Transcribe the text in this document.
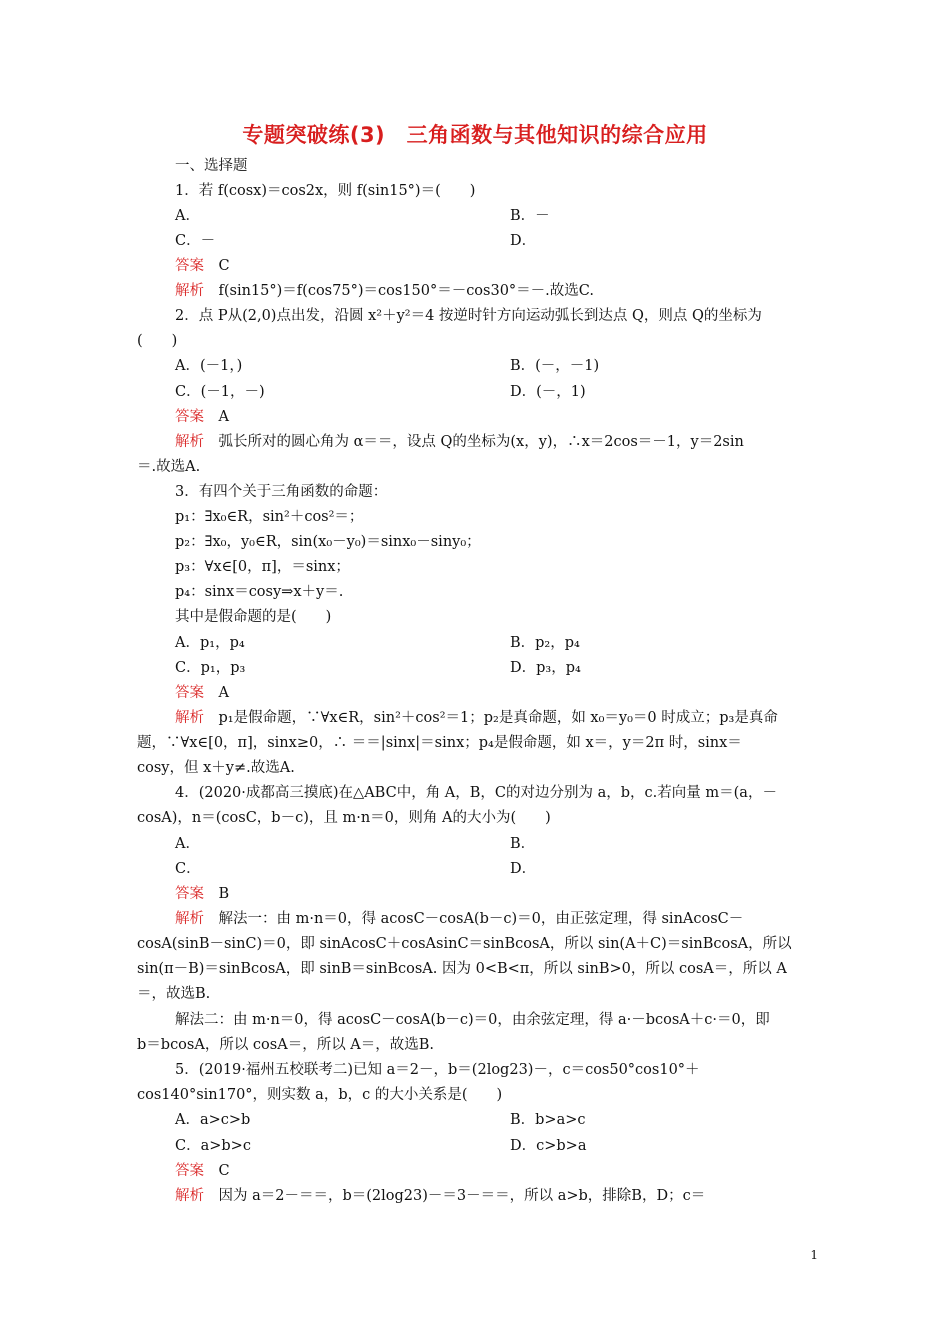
专题突破练(3)　三角函数与其他知识的综合应用
一、选择题
1．若 f(cosx)＝cos2x，则 f(sin15°)＝(　　)
A．	B．－
C．－	D．
答案　 C
解析　 f(sin15°)＝f(cos75°)＝cos150°＝－cos30°＝－.故选C.
2．点 P从(2,0)点出发，沿圆 x²＋y²＝4 按逆时针方向运动弧长到达点 Q，则点 Q的坐标为
(　　)
A．(－1，)	B．(－，－1)
C．(－1，－)	D．(－，1)
答案　 A
解析　 弧长所对的圆心角为 α＝＝，设点 Q的坐标为(x，y)，∴x＝2cos＝－1，y＝2sin
＝.故选A.
3．有四个关于三角函数的命题：
p₁：∃x₀∈R，sin²＋cos²＝；
p₂：∃x₀，y₀∈R，sin(x₀－y₀)＝sinx₀－siny₀；
p₃：∀x∈[0，π]，＝sinx；
p₄：sinx＝cosy⇒x＋y＝.
其中是假命题的是(　　)
A．p₁，p₄	B．p₂，p₄
C．p₁，p₃	D．p₃，p₄
答案　 A
解析　 p₁是假命题，∵∀x∈R，sin²＋cos²＝1；p₂是真命题，如 x₀＝y₀＝0 时成立；p₃是真命
题，∵∀x∈[0，π]，sinx≥0，∴ ＝＝|sinx|＝sinx；p₄是假命题，如 x＝，y＝2π 时，sinx＝
cosy，但 x＋y≠.故选A.
4．(2020·成都高三摸底)在△ABC中，角 A，B，C的对边分别为 a，b，c.若向量 m＝(a，－
cosA)，n＝(cosC，b－c)，且 m·n＝0，则角 A的大小为(　　)
A．	B．
C．	D．
答案　 B
解析　 解法一：由 m·n＝0，得 acosC－cosA(b－c)＝0，由正弦定理，得 sinAcosC－
cosA(sinB－sinC)＝0，即 sinAcosC＋cosAsinC＝sinBcosA，所以 sin(A＋C)＝sinBcosA，所以
sin(π－B)＝sinBcosA，即 sinB＝sinBcosA. 因为 0<B<π，所以 sinB>0，所以 cosA＝，所以 A
＝，故选B.
解法二：由 m·n＝0，得 acosC－cosA(b－c)＝0，由余弦定理，得 a·－bcosA＋c·＝0，即
b＝bcosA，所以 cosA＝，所以 A＝，故选B.
5．(2019·福州五校联考二)已知 a＝2－，b＝(2log23)－，c＝cos50°cos10°＋
cos140°sin170°，则实数 a，b，c 的大小关系是(　　)
A．a>c>b	B．b>a>c
C．a>b>c	D．c>b>a
答案　 C
解析　 因为 a＝2－＝＝，b＝(2log23)－＝3－＝＝，所以 a>b，排除B，D；c＝
1
